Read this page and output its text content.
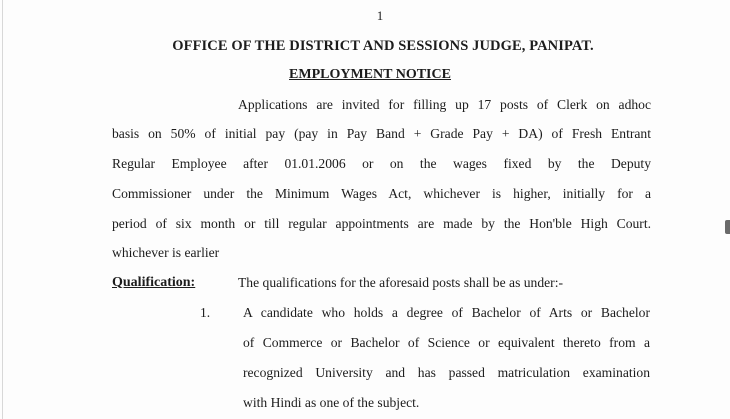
1
OFFICE OF THE DISTRICT AND SESSIONS JUDGE, PANIPAT.
EMPLOYMENT NOTICE
Applications are invited for filling up 17 posts of Clerk on adhoc
basis on 50% of initial pay (pay in Pay Band + Grade Pay + DA) of Fresh Entrant
Regular Employee after 01.01.2006 or on the wages fixed by the Deputy
Commissioner under the Minimum Wages Act, whichever is higher, initially for a
period of six month or till regular appointments are made by the Hon'ble High Court.
whichever is earlier
Qualification:	The qualifications for the aforesaid posts shall be as under:-
1. A candidate who holds a degree of Bachelor of Arts or Bachelor
of Commerce or Bachelor of Science or equivalent thereto from a
recognized University and has passed matriculation examination
with Hindi as one of the subject.
